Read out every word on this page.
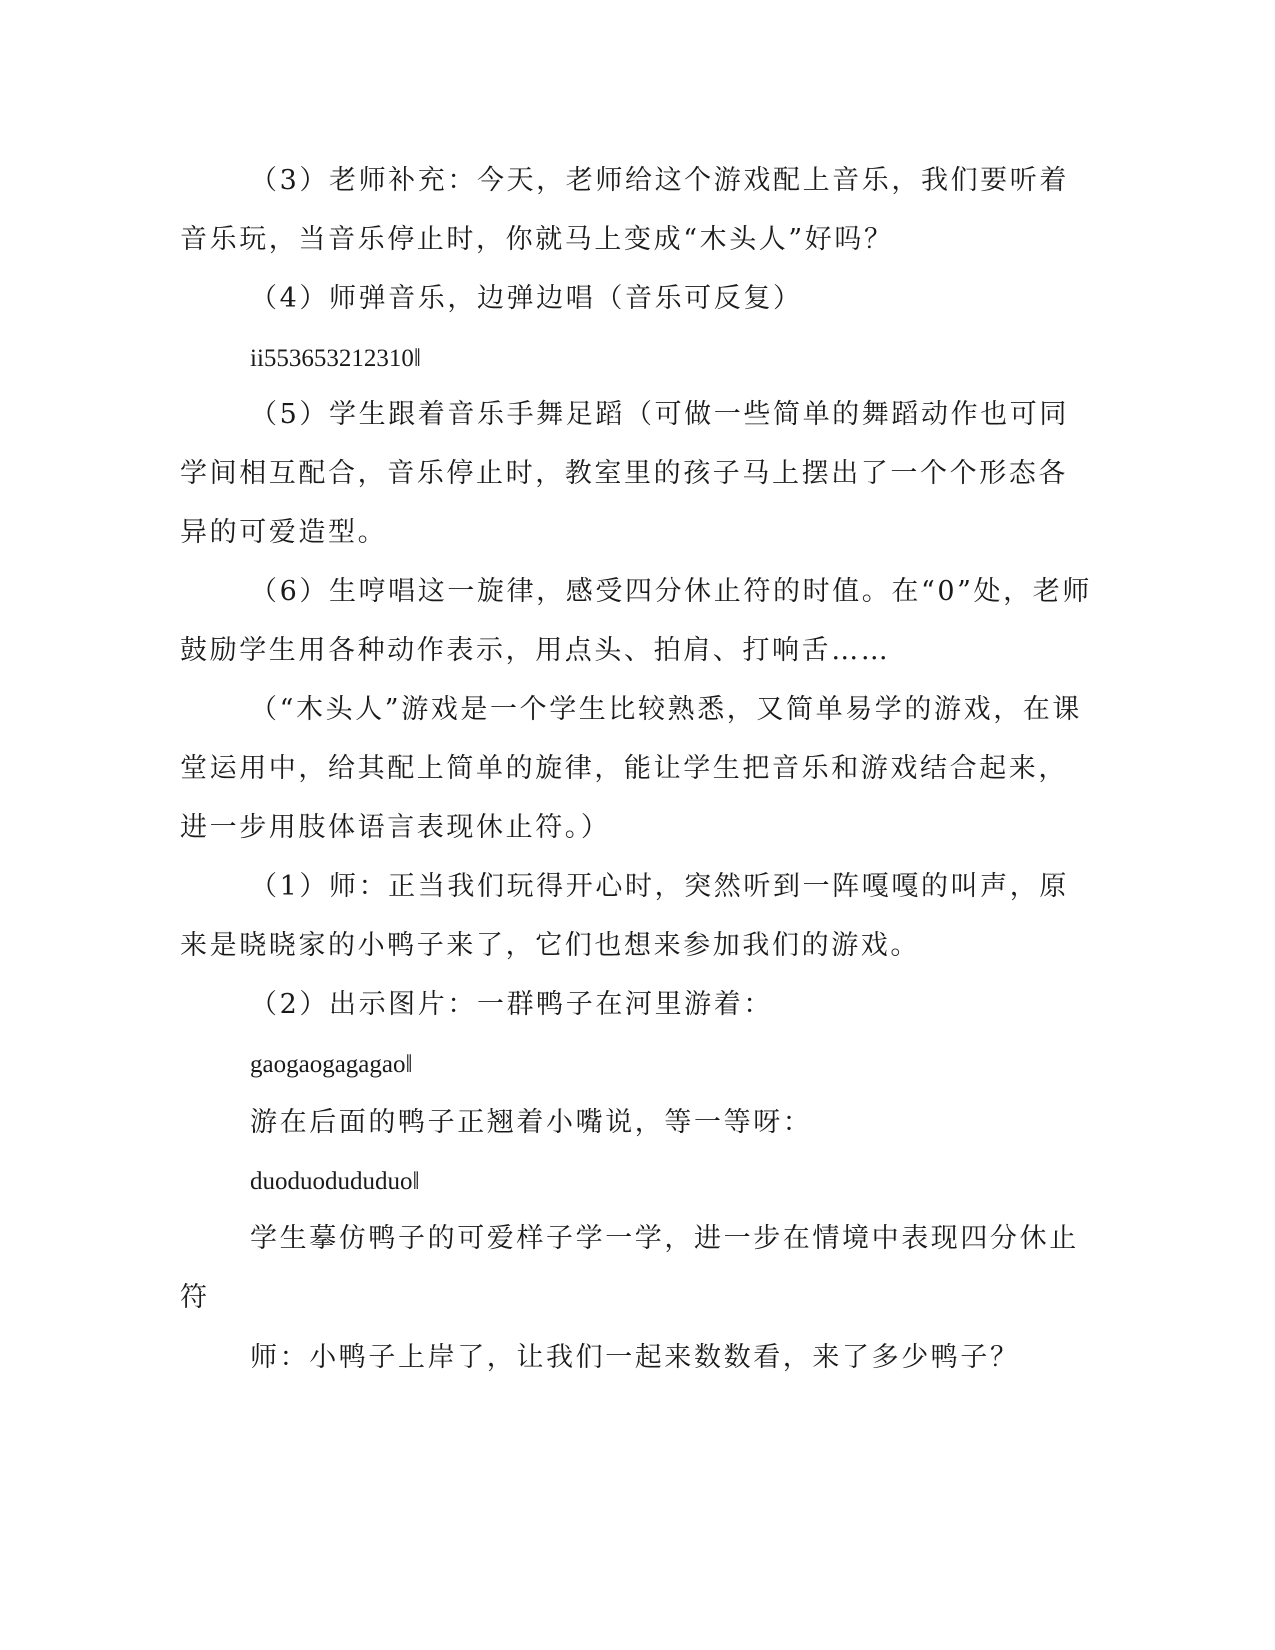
（3）老师补充：今天，老师给这个游戏配上音乐，我们要听着
音乐玩，当音乐停止时，你就马上变成“木头人”好吗？
（4）师弹音乐，边弹边唱（音乐可反复）
ii553653212310‖
（5）学生跟着音乐手舞足蹈（可做一些简单的舞蹈动作也可同
学间相互配合，音乐停止时，教室里的孩子马上摆出了一个个形态各
异的可爱造型。
（6）生哼唱这一旋律，感受四分休止符的时值。在“0”处，老师
鼓励学生用各种动作表示，用点头、拍肩、打响舌……
（“木头人”游戏是一个学生比较熟悉，又简单易学的游戏，在课
堂运用中，给其配上简单的旋律，能让学生把音乐和游戏结合起来，
进一步用肢体语言表现休止符。）
（1）师：正当我们玩得开心时，突然听到一阵嘎嘎的叫声，原
来是晓晓家的小鸭子来了，它们也想来参加我们的游戏。
（2）出示图片：一群鸭子在河里游着：
gaogaogagagao‖
游在后面的鸭子正翘着小嘴说，等一等呀：
duoduodududuo‖
学生摹仿鸭子的可爱样子学一学，进一步在情境中表现四分休止
符
师：小鸭子上岸了，让我们一起来数数看，来了多少鸭子？
